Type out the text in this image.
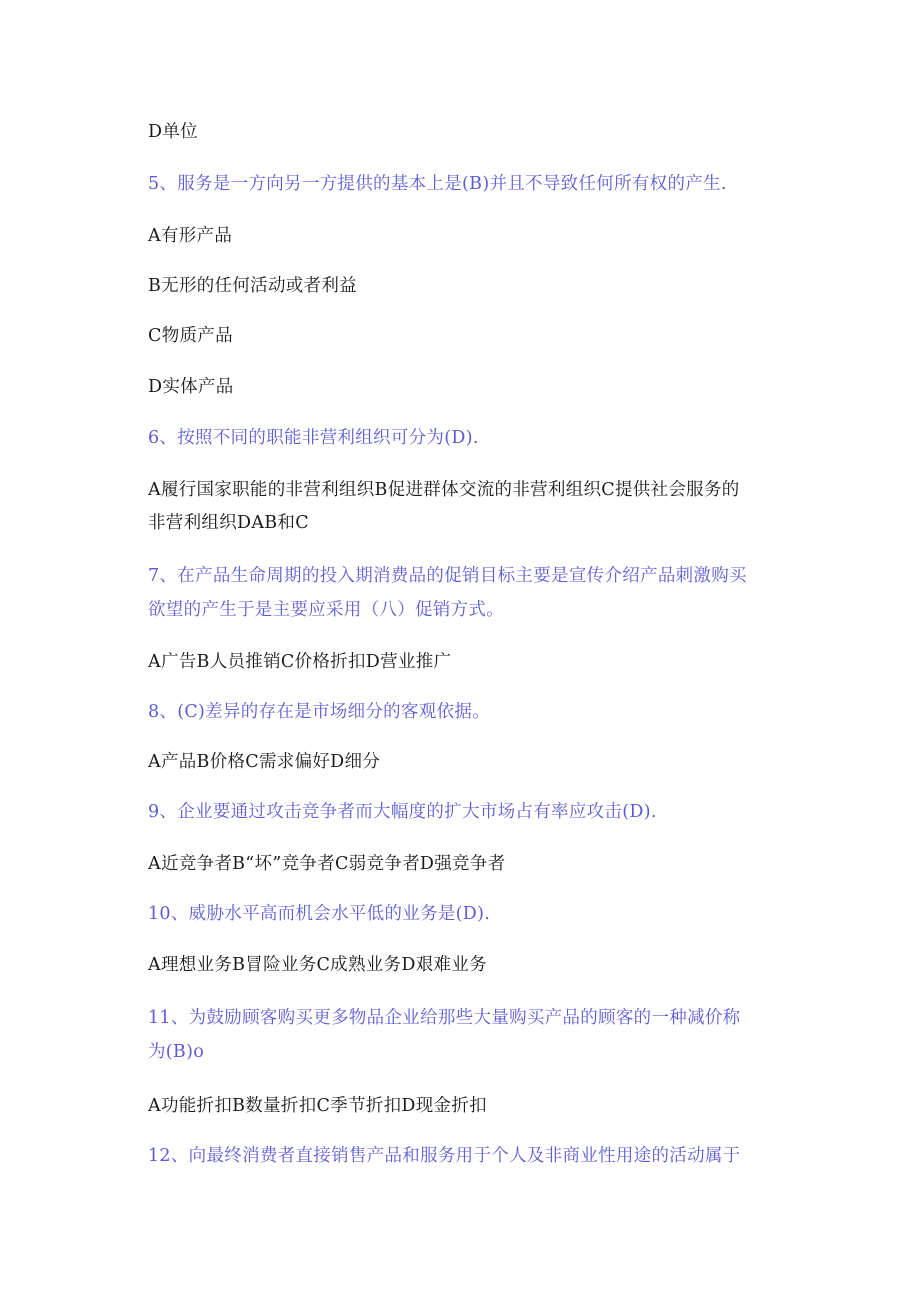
D单位
5、服务是一方向另一方提供的基本上是(B)并且不导致任何所有权的产生.
A有形产品
B无形的任何活动或者利益
C物质产品
D实体产品
6、按照不同的职能非营利组织可分为(D).
A履行国家职能的非营利组织B促进群体交流的非营利组织C提供社会服务的
非营利组织DAB和C
7、在产品生命周期的投入期消费品的促销目标主要是宣传介绍产品刺激购买
欲望的产生于是主要应采用（八）促销方式。
A广告B人员推销C价格折扣D营业推广
8、(C)差异的存在是市场细分的客观依据。
A产品B价格C需求偏好D细分
9、企业要通过攻击竞争者而大幅度的扩大市场占有率应攻击(D).
A近竞争者B“坏”竞争者C弱竞争者D强竞争者
10、威胁水平高而机会水平低的业务是(D).
A理想业务B冒险业务C成熟业务D艰难业务
11、为鼓励顾客购买更多物品企业给那些大量购买产品的顾客的一种减价称
为(B)o
A功能折扣B数量折扣C季节折扣D现金折扣
12、向最终消费者直接销售产品和服务用于个人及非商业性用途的活动属于
